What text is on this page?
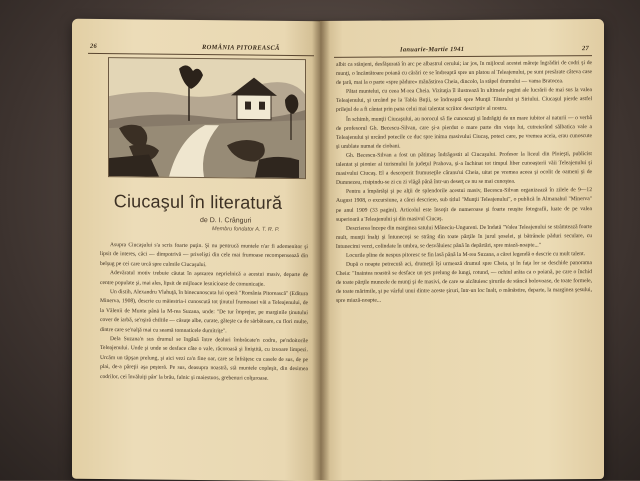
26	ROMÂNIA PITOREASCĂ
Ciucaşul în literatură
de D. I. Crânguri
Membru fondator A. T. R. P.

Asupra Ciucaşului s'a scris foarte puţin. Şi nu pentrucă muntele n'ar fi ademenitor şi lipsit de interes, căci — dimpotrivă — privelişti din cele mai frumoase recompensează din belşug pe cei care urcă spre culmile Ciucaşului.

Adevăratul motiv trebuie căutat în aşezarea neprielnică a acestui masiv, departe de centre populate şi, mai ales, lipsit de mijloace lesnicioase de comunicaţie.

Un distih, Alexandru Vlahuţă, în binecunoscuta lui operă "România Pitorească" (Editura Minerva, 1908), descrie cu măiestria-i cunoscută tot ţinutul frumoasei văi a Teleajenului, de la Vălenii de Munte până la M-rea Suzana, unde: "De tur împrejur, pe marginile ţinutului cover de iarbă, se'nşiră chiliile — căsuţe albe, curate, găteşte ca de sărbătoare, cu flori multe, dintre care se'nalţă mai cu seamă tomnaticele dumitriţe".

Dela Suzana'n sus drumul se îngână între dealuri îmbrăcate'n codru, pe'ndoitorile Teleajenului. Unde şi unde se desface câte o vale, răcoroasă şi liniştită, cu izvoare limpezi. Urcăm un tăpşan prelung, şi aici vezi ca'n fine oar, care se înfrăţesc cu casele de sus, de pe plai, de-a păreţii aşa peşteră. Pe sus, deasupra noastră, stă muntele copleşit, din desimea codrilor, cei învăluiţi pân' la brâu, falnic şi maiestuos, grebenuri colţuroase.

Ianuarie-Martie 1941	27

albit ca stânjeni, desfăşurată în arc pe albastrul cerului; iar jos, în mijlocul acestei măreţe îngrădiri de codri şi de munţi, o încântătoare poiană cu cărări ce se îndreaptă spre un platou al Teleajenului, pe sunt presărate câteva case de ţară, mai la o parte «spre pădure» mănăstirea Cheia, dincolo, la stâpel drumului — vama Bratocea.

Pătat muntelui, cu ceea M-rea Cheia. Vizitaţia îl ilustrează în ultimele pagini ale lucrării de mai sus la valea Teleajenului, şi urcând pe la Tabla Buţii, se îndreaptă spre Munţii Tătarului şi Siriului. Ciucaşul pierde astfel prilejul de a fi cântat prin pana celui mai talentat scriitor descriptiv al nostru.

În schimb, munţii Ciucaşului, au norocul să fie cunoscuţi şi îndrăgiţi de un mare iubitor al naturii — o verbă de profesorul Gh. Becescu-Silvan, care şi-a pierdut o mare parte din viaţa lui, cutreierând sălbatica vale a Teleajenului şi urcând potecile ce duc spre inima masivului Ciucaş, poteci care, pe vremea aceia, erau cunoscute şi umblate numai de ciobani.

Gh. Becescu-Silvan a fost un pătimaş îndrăgostit al Ciucaşului. Profesor la liceul din Ploieşti, publicist talentat şi pionier al turismului în judeţul Prahova, şi-a închinat tot timpul liber cunoaşterii văii Teleajenului şi masivului Ciucaş. El a descoperit frumuseţile căranu'ui Cheia, uitat pe vremea aceea şi ocolit de oameni şi de Dumnezeu, risipindu-se zi cu zi vlăgă până într-un deserţ ce nu se mai cunoştea.

Pentru a împărtăşi şi pe alţii de splendorile acestui masiv, Becescu-Silvan organizează în zilele de 9—12 August 1908, o excursiune, a cărei descriere, sub titlul "Munţii Teleajenului", o publică în Almanahul "Minerva" pe anul 1909 (33 pagini). Articolul este însoţit de numeroase şi foarte reuşite fotografii, luate de pe valea superioară a Teleajenului şi din masivul Ciucaş.

Descrierea începe din marginea satului Măneciu-Ungureni. De îndată "Valea Teleajenului se strâmtează foarte mult, munţii înalţi şi întunecoşi se strâng din toate părţile în jurul şoselei, şi bătrânele păduri seculare, cu întunecimi verzi, colindate în umbra, se desvăluiesc pânâ în depărtări, spre miază-noapte..."

Locurile pline de nespus pitoresc se fin lasă până la M-rea Suzana, a cărei legendă o descrie cu mult talent.

După o noapte petrecută aci, drumeţii îşi urmează drumul spre Cheia, şi în faţa lor se deschide panorama Cheia: "Inaintea noastră se desface un şes prelung de lungi, rotund, — ochiul arăta ca o poiană, pe care o închid de toate părţile muncele de munţi şi de masivi, de care se alcătuiesc şirurile de stâncă bolovoase, de toate formele, de toate mărimile, şi pe vârful unui dintre aceste şiruri, într-un loc înalt, o mănăstire, departe, la marginea şesului, spre miază-noapte...
